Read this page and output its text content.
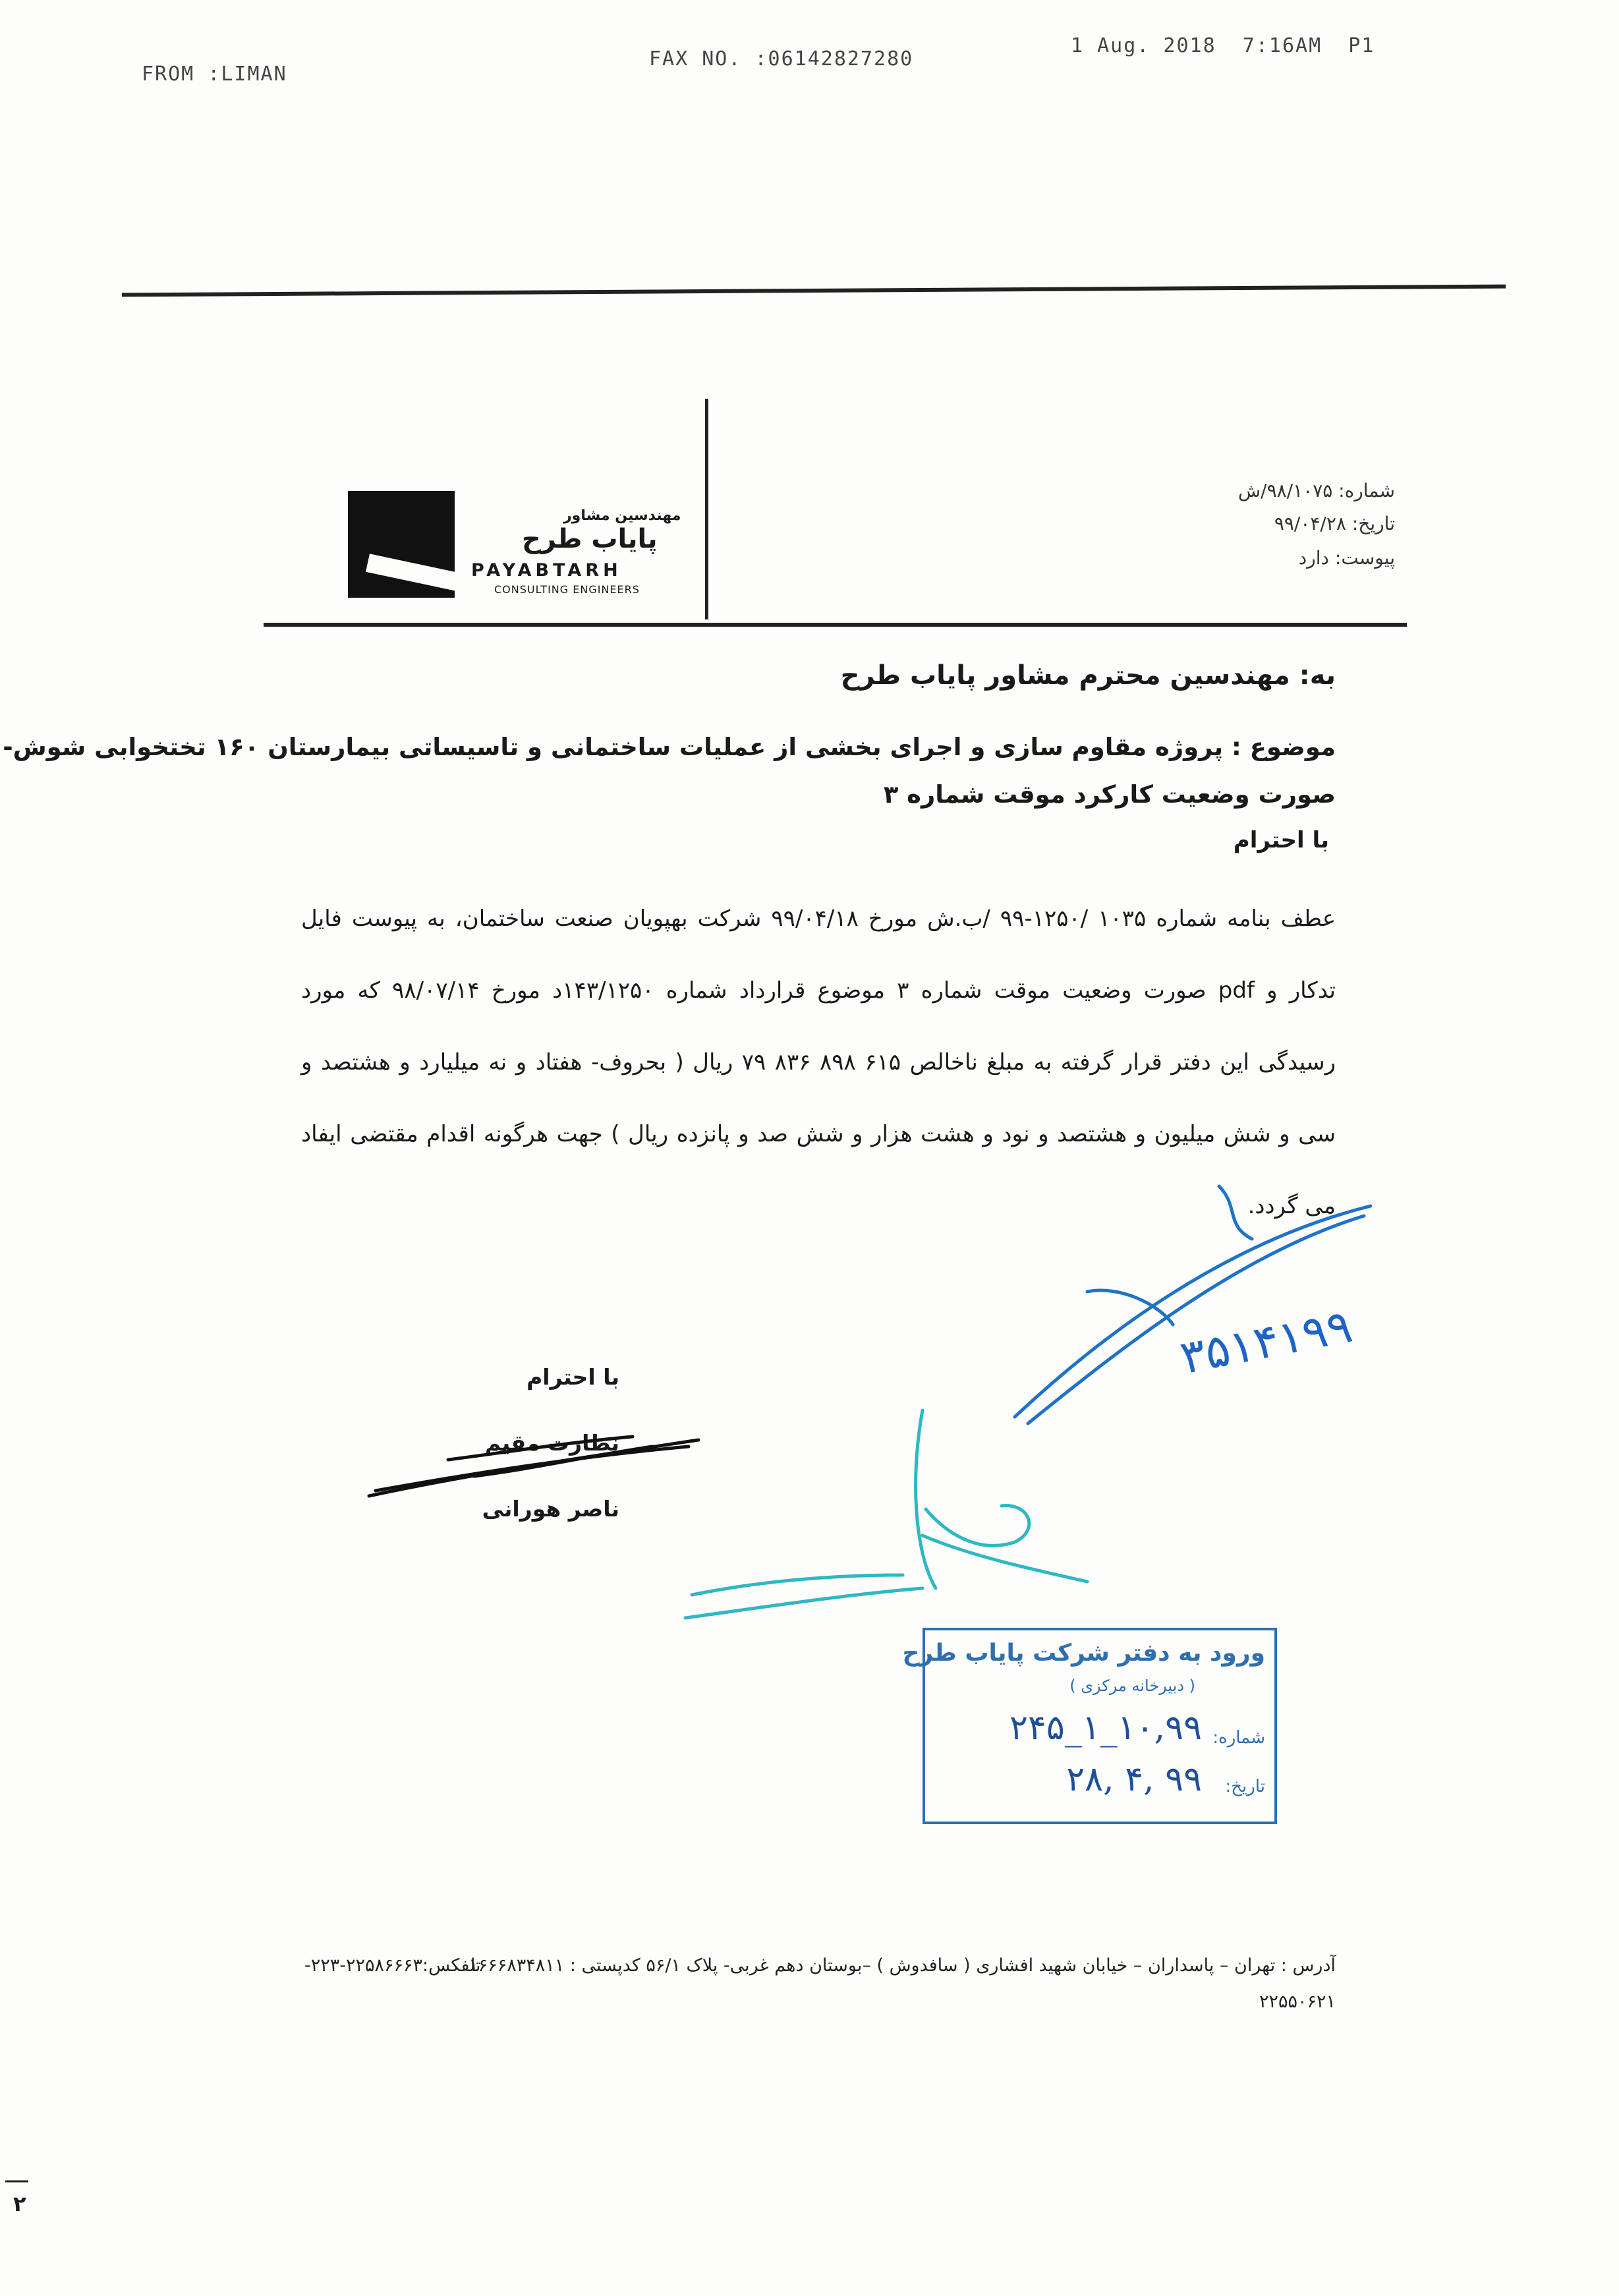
FROM :LIMAN
FAX NO. :06142827280
1 Aug. 2018  7:16AM  P1
مهندسین مشاور
پایاب طرح
PAYABTARH
CONSULTING ENGINEERS
شماره: ۹۸/۱۰۷۵/ش
تاریخ: ۹۹/۰۴/۲۸
پیوست: دارد
به: مهندسین محترم مشاور پایاب طرح
موضوع : پروژه مقاوم سازی و اجرای بخشی از عملیات ساختمانی و تاسیساتی بیمارستان ۱۶۰ تختخوابی شوش-
صورت وضعیت کارکرد موقت شماره ۳
با احترام
عطف بنامه شماره ۱۰۳۵ /۱۲۵۰-۹۹ /ب.ش مورخ ۹۹/۰۴/۱۸ شرکت بهپویان صنعت ساختمان، به پیوست فایل تدکار و pdf صورت وضعیت موقت شماره ۳ موضوع قرارداد شماره ۱۴۳/۱۲۵۰د مورخ ۹۸/۰۷/۱۴ که مورد رسیدگی این دفتر قرار گرفته به مبلغ ناخالص ۶۱۵ ۸۹۸ ۸۳۶ ۷۹ ریال ( بحروف- هفتاد و نه میلیارد و هشتصد و سی و شش میلیون و هشتصد و نود و هشت هزار و شش صد و پانزده ریال ) جهت هرگونه اقدام مقتضی ایفاد می گردد.
با احترام
نظارت مقیم
ناصر هورانی
۳۵۱۴۱۹۹
ورود به دفتر شرکت پایاب طرح
( دبیرخانه مرکزی )
شماره:
۱۰,۹۹_۱_۲۴۵
تاریخ:
۹۹ ,۴ ,۲۸
آدرس : تهران – پاسداران – خیابان شهید افشاری ( سافدوش ) –بوستان دهم غربی- پلاک ۵۶/۱ کدپستی : ۱۶۶۶۸۳۴۸۱۱
تلفکس:۲۲۵۸۶۶۶۳-۲۲۳-
۲۲۵۵۰۶۲۱
۲
